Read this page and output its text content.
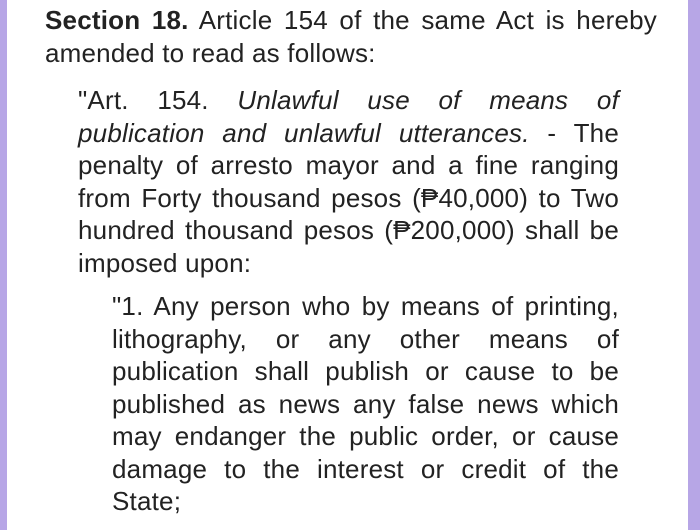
Section 18. Article 154 of the same Act is hereby amended to read as follows:

"Art. 154. Unlawful use of means of publication and unlawful utterances. - The penalty of arresto mayor and a fine ranging from Forty thousand pesos (₱40,000) to Two hundred thousand pesos (₱200,000) shall be imposed upon:

"1. Any person who by means of printing, lithography, or any other means of publication shall publish or cause to be published as news any false news which may endanger the public order, or cause damage to the interest or credit of the State;
